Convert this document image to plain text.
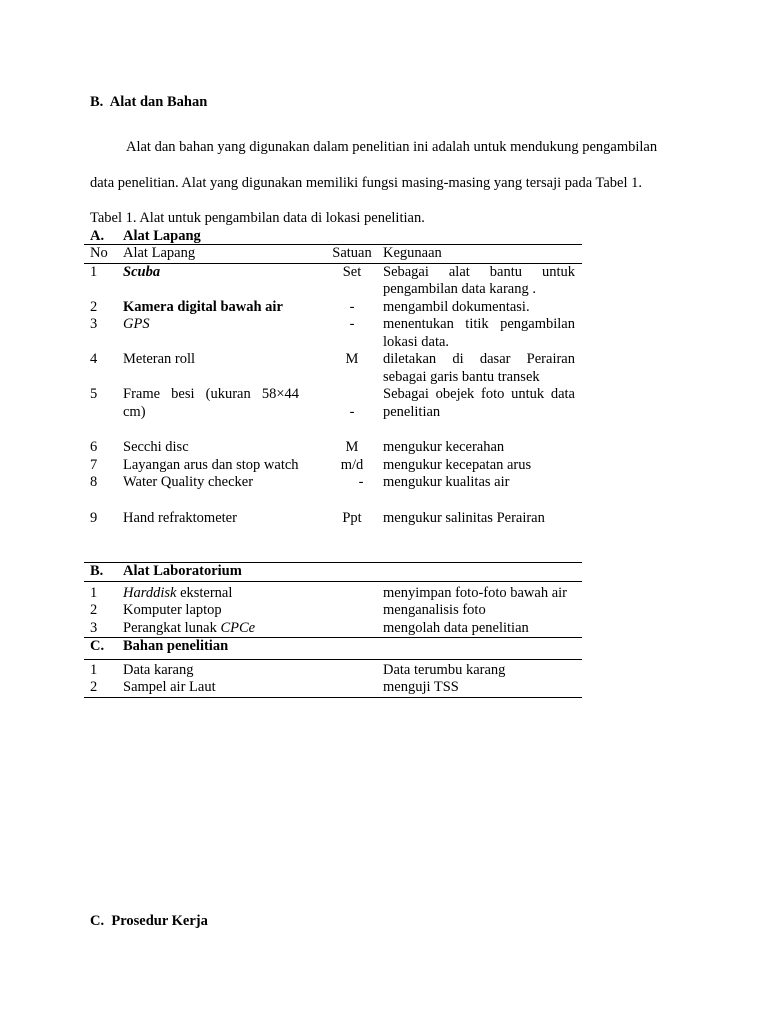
B. Alat dan Bahan
Alat dan bahan yang digunakan dalam penelitian ini adalah untuk mendukung pengambilan
data penelitian. Alat yang digunakan memiliki fungsi masing-masing yang tersaji pada Tabel 1.
Tabel 1. Alat untuk pengambilan data di lokasi penelitian.
A. Alat Lapang
No	Alat Lapang	Satuan	Kegunaan
1	Scuba	Set	Sebagai alat bantu untuk pengambilan data karang .
2	Kamera digital bawah air	-	mengambil dokumentasi.
3	GPS	-	menentukan titik pengambilan lokasi data.
4	Meteran roll	M	diletakan di dasar Perairan sebagai garis bantu transek
5	Frame besi (ukuran 58×44 cm)	-	Sebagai obejek foto untuk data penelitian

6	Secchi disc	M	mengukur kecerahan
7	Layangan arus dan stop watch	m/d	mengukur kecepatan arus
8	Water Quality checker	-	mengukur kualitas air

9	Hand refraktometer	Ppt	mengukur salinitas Perairan

B.	Alat Laboratorium		
1	Harddisk eksternal		menyimpan foto-foto bawah air
2	Komputer laptop		menganalisis foto
3	Perangkat lunak CPCe		mengolah data penelitian
C.	Bahan penelitian		
1	Data karang		Data terumbu karang
2	Sampel air Laut		menguji TSS
C. Prosedur Kerja
